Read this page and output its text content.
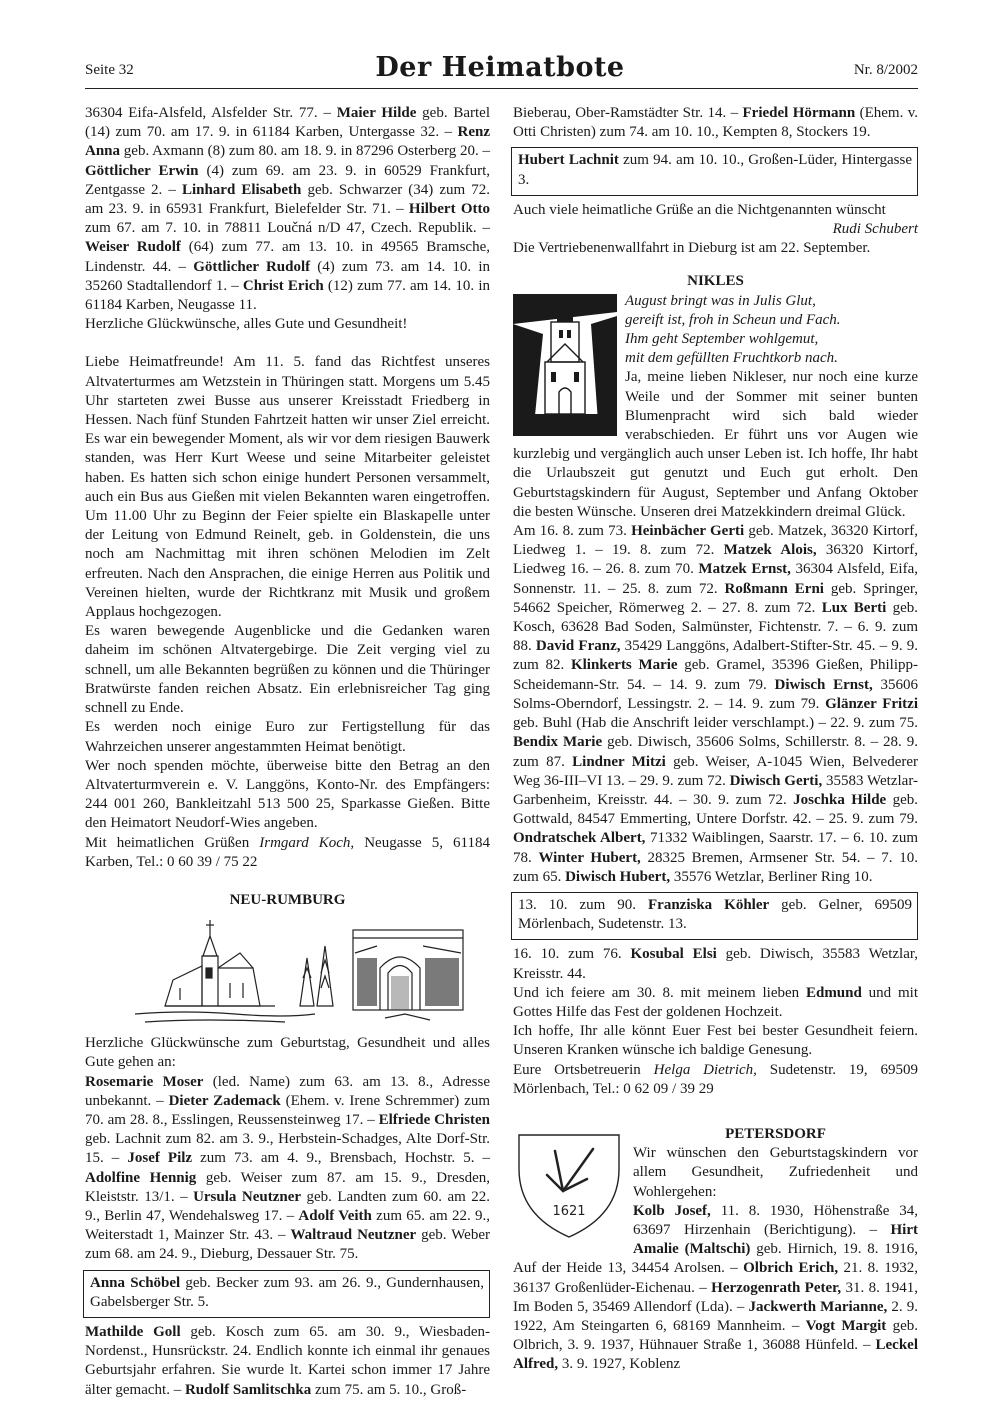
Seite 32	Der Heimatbote	Nr. 8/2002

36304 Eifa-Alsfeld, Alsfelder Str. 77. – Maier Hilde geb. Bartel (14) zum 70. am 17. 9. in 61184 Karben, Untergasse 32. – Renz Anna geb. Axmann (8) zum 80. am 18. 9. in 87296 Osterberg 20. – Göttlicher Erwin (4) zum 69. am 23. 9. in 60529 Frankfurt, Zentgasse 2. – Linhard Elisabeth geb. Schwarzer (34) zum 72. am 23. 9. in 65931 Frankfurt, Bielefelder Str. 71. – Hilbert Otto zum 67. am 7. 10. in 78811 Loučná n/D 47, Czech. Republik. – Weiser Rudolf (64) zum 77. am 13. 10. in 49565 Bramsche, Lindenstr. 44. – Göttlicher Rudolf (4) zum 73. am 14. 10. in 35260 Stadtallendorf 1. – Christ Erich (12) zum 77. am 14. 10. in 61184 Karben, Neugasse 11.

Herzliche Glückwünsche, alles Gute und Gesundheit!

Liebe Heimatfreunde! Am 11. 5. fand das Richtfest unseres Altvaterturmes am Wetzstein in Thüringen statt. Morgens um 5.45 Uhr starteten zwei Busse aus unserer Kreisstadt Friedberg in Hessen. Nach fünf Stunden Fahrtzeit hatten wir unser Ziel erreicht. Es war ein bewegender Moment, als wir vor dem riesigen Bauwerk standen, was Herr Kurt Weese und seine Mitarbeiter geleistet haben. Es hatten sich schon einige hundert Personen versammelt, auch ein Bus aus Gießen mit vielen Bekannten waren eingetroffen. Um 11.00 Uhr zu Beginn der Feier spielte ein Blaskapelle unter der Leitung von Edmund Reinelt, geb. in Goldenstein, die uns noch am Nachmittag mit ihren schönen Melodien im Zelt erfreuten. Nach den Ansprachen, die einige Herren aus Politik und Vereinen hielten, wurde der Richtkranz mit Musik und großem Applaus hochgezogen.

Es waren bewegende Augenblicke und die Gedanken waren daheim im schönen Altvatergebirge. Die Zeit verging viel zu schnell, um alle Bekannten begrüßen zu können und die Thüringer Bratwürste fanden reichen Absatz. Ein erlebnisreicher Tag ging schnell zu Ende.

Es werden noch einige Euro zur Fertigstellung für das Wahrzeichen unserer angestammten Heimat benötigt.

Wer noch spenden möchte, überweise bitte den Betrag an den Altvaterturmverein e. V. Langgöns, Konto-Nr. des Empfängers: 244 001 260, Bankleitzahl 513 500 25, Sparkasse Gießen. Bitte den Heimatort Neudorf-Wies angeben.

Mit heimatlichen Grüßen Irmgard Koch, Neugasse 5, 61184 Karben, Tel.: 0 60 39 / 75 22

NEU-RUMBURG

Herzliche Glückwünsche zum Geburtstag, Gesundheit und alles Gute gehen an:

Rosemarie Moser (led. Name) zum 63. am 13. 8., Adresse unbekannt. – Dieter Zademack (Ehem. v. Irene Schremmer) zum 70. am 28. 8., Esslingen, Reussensteinweg 17. – Elfriede Christen geb. Lachnit zum 82. am 3. 9., Herbstein-Schadges, Alte Dorf-Str. 15. – Josef Pilz zum 73. am 4. 9., Brensbach, Hochstr. 5. – Adolfine Hennig geb. Weiser zum 87. am 15. 9., Dresden, Kleiststr. 13/1. – Ursula Neutzner geb. Landten zum 60. am 22. 9., Berlin 47, Wendehalsweg 17. – Adolf Veith zum 65. am 22. 9., Weiterstadt 1, Mainzer Str. 43. – Waltraud Neutzner geb. Weber zum 68. am 24. 9., Dieburg, Dessauer Str. 75.

Anna Schöbel geb. Becker zum 93. am 26. 9., Gundernhausen, Gabelsberger Str. 5.

Mathilde Goll geb. Kosch zum 65. am 30. 9., Wiesbaden-Nordenst., Hunsrückstr. 24. Endlich konnte ich einmal ihr genaues Geburtsjahr erfahren. Sie wurde lt. Kartei schon immer 17 Jahre älter gemacht. – Rudolf Samlitschka zum 75. am 5. 10., Groß-

Bieberau, Ober-Ramstädter Str. 14. – Friedel Hörmann (Ehem. v. Otti Christen) zum 74. am 10. 10., Kempten 8, Stockers 19.

Hubert Lachnit zum 94. am 10. 10., Großen-Lüder, Hintergasse 3.

Auch viele heimatliche Grüße an die Nichtgenannten wünscht

Rudi Schubert

Die Vertriebenenwallfahrt in Dieburg ist am 22. September.

NIKLES

August bringt was in Julis Glut,

gereift ist, froh in Scheun und Fach.

Ihm geht September wohlgemut,

mit dem gefüllten Fruchtkorb nach.

Ja, meine lieben Nikleser, nur noch eine kurze Weile und der Sommer mit seiner bunten Blumenpracht wird sich bald wieder verabschieden. Er führt uns vor Augen wie kurzlebig und vergänglich auch unser Leben ist. Ich hoffe, Ihr habt die Urlaubszeit gut genutzt und Euch gut erholt. Den Geburtstagskindern für August, September und Anfang Oktober die besten Wünsche. Unseren drei Matzekkindern dreimal Glück.

Am 16. 8. zum 73. Heinbächer Gerti geb. Matzek, 36320 Kirtorf, Liedweg 1. – 19. 8. zum 72. Matzek Alois, 36320 Kirtorf, Liedweg 16. – 26. 8. zum 70. Matzek Ernst, 36304 Alsfeld, Eifa, Sonnenstr. 11. – 25. 8. zum 72. Roßmann Erni geb. Springer, 54662 Speicher, Römerweg 2. – 27. 8. zum 72. Lux Berti geb. Kosch, 63628 Bad Soden, Salmünster, Fichtenstr. 7. – 6. 9. zum 88. David Franz, 35429 Langgöns, Adalbert-Stifter-Str. 45. – 9. 9. zum 82. Klinkerts Marie geb. Gramel, 35396 Gießen, Philipp-Scheidemann-Str. 54. – 14. 9. zum 79. Diwisch Ernst, 35606 Solms-Oberndorf, Lessingstr. 2. – 14. 9. zum 79. Glänzer Fritzi geb. Buhl (Hab die Anschrift leider verschlampt.) – 22. 9. zum 75. Bendix Marie geb. Diwisch, 35606 Solms, Schillerstr. 8. – 28. 9. zum 87. Lindner Mitzi geb. Weiser, A-1045 Wien, Belvederer Weg 36-III–VI 13. – 29. 9. zum 72. Diwisch Gerti, 35583 Wetzlar-Garbenheim, Kreisstr. 44. – 30. 9. zum 72. Joschka Hilde geb. Gottwald, 84547 Emmerting, Untere Dorfstr. 42. – 25. 9. zum 79. Ondratschek Albert, 71332 Waiblingen, Saarstr. 17. – 6. 10. zum 78. Winter Hubert, 28325 Bremen, Armsener Str. 54. – 7. 10. zum 65. Diwisch Hubert, 35576 Wetzlar, Berliner Ring 10.

13. 10. zum 90. Franziska Köhler geb. Gelner, 69509 Mörlenbach, Sudetenstr. 13.

16. 10. zum 76. Kosubal Elsi geb. Diwisch, 35583 Wetzlar, Kreisstr. 44.

Und ich feiere am 30. 8. mit meinem lieben Edmund und mit Gottes Hilfe das Fest der goldenen Hochzeit.

Ich hoffe, Ihr alle könnt Euer Fest bei bester Gesundheit feiern. Unseren Kranken wünsche ich baldige Genesung.

Eure Ortsbetreuerin Helga Dietrich, Sudetenstr. 19, 69509 Mörlenbach, Tel.: 0 62 09 / 39 29

1621

PETERSDORF

Wir wünschen den Geburtstagskindern vor allem Gesundheit, Zufriedenheit und Wohlergehen:

Kolb Josef, 11. 8. 1930, Höhenstraße 34, 63697 Hirzenhain (Berichtigung). – Hirt Amalie (Maltschi) geb. Hirnich, 19. 8. 1916, Auf der Heide 13, 34454 Arolsen. – Olbrich Erich, 21. 8. 1932, 36137 Großenlüder-Eichenau. – Herzogenrath Peter, 31. 8. 1941, Im Boden 5, 35469 Allendorf (Lda). – Jackwerth Marianne, 2. 9. 1922, Am Steingarten 6, 68169 Mannheim. – Vogt Margit geb. Olbrich, 3. 9. 1937, Hühnauer Straße 1, 36088 Hünfeld. – Leckel Alfred, 3. 9. 1927, Koblenz
